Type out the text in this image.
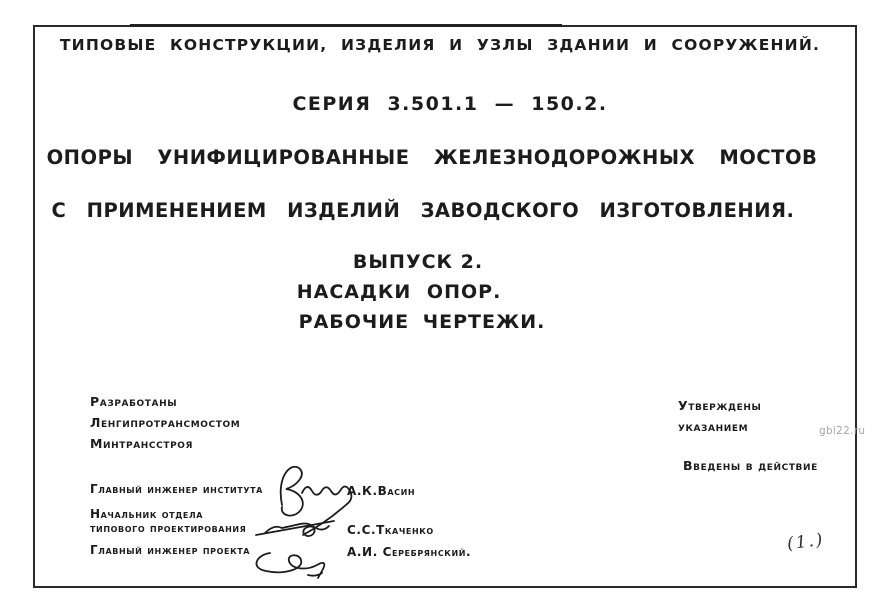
ТИПОВЫЕ КОНСТРУКЦИИ, ИЗДЕЛИЯ И УЗЛЫ ЗДАНИИ И СООРУЖЕНИЙ.
СЕРИЯ 3.501.1 — 150.2.
ОПОРЫ УНИФИЦИРОВАННЫЕ ЖЕЛЕЗНОДОРОЖНЫХ МОСТОВ
С ПРИМЕНЕНИЕМ ИЗДЕЛИЙ ЗАВОДСКОГО ИЗГОТОВЛЕНИЯ.
ВЫПУСК 2.
НАСАДКИ ОПОР.
РАБОЧИЕ ЧЕРТЕЖИ.
Разработаны
Ленгипротрансмостом
Минтрансстроя
Утверждены
указанием
Введены в действие
Главный инженер института
Начальник отдела
типового проектирования
Главный инженер проекта
А.К.Васин
С.С.Ткаченко
А.И. Серебрянский.	(1.)
gbi22.ru
